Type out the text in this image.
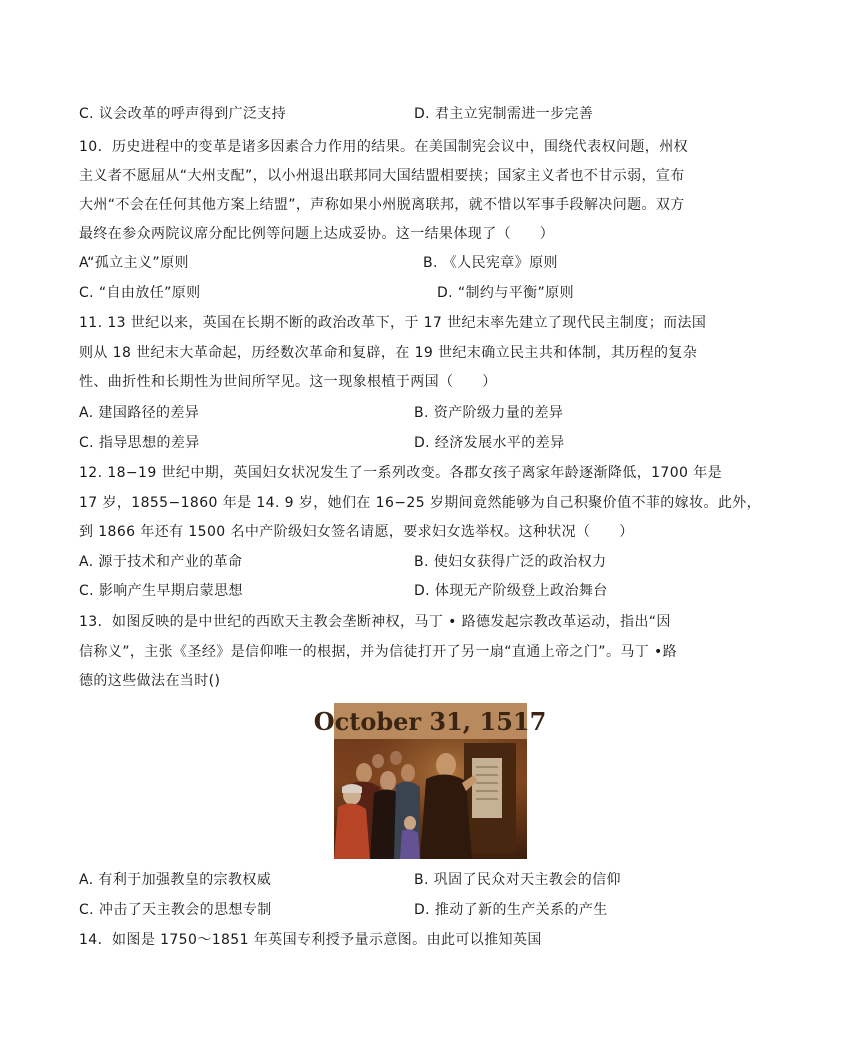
C. 议会改革的呼声得到广泛支持	D. 君主立宪制需进一步完善
10．历史进程中的变革是诸多因素合力作用的结果。在美国制宪会议中，围绕代表权问题，州权
主义者不愿屈从“大州支配”，以小州退出联邦同大国结盟相要挟；国家主义者也不甘示弱，宣布
大州“不会在任何其他方案上结盟”，声称如果小州脱离联邦，就不惜以军事手段解决问题。双方
最终在参众两院议席分配比例等问题上达成妥协。这一结果体现了（　　）
A“孤立主义”原则	B. 《人民宪章》原则
C. “自由放任”原则	D. “制约与平衡”原则
11. 13 世纪以来，英国在长期不断的政治改革下，于 17 世纪末率先建立了现代民主制度；而法国
则从 18 世纪末大革命起，历经数次革命和复辟，在 19 世纪末确立民主共和体制，其历程的复杂
性、曲折性和长期性为世间所罕见。这一现象根植于两国（　　）
A. 建国路径的差异	B. 资产阶级力量的差异
C. 指导思想的差异	D. 经济发展水平的差异
12. 18−19 世纪中期，英国妇女状况发生了一系列改变。各郡女孩子离家年龄逐渐降低，1700 年是
17 岁，1855−1860 年是 14. 9 岁，她们在 16−25 岁期间竟然能够为自己积聚价值不菲的嫁妆。此外，
到 1866 年还有 1500 名中产阶级妇女签名请愿，要求妇女选举权。这种状况（　　）
A. 源于技术和产业的革命	B. 使妇女获得广泛的政治权力
C. 影响产生早期启蒙思想	D. 体现无产阶级登上政治舞台
13．如图反映的是中世纪的西欧天主教会垄断神权，马丁 • 路德发起宗教改革运动，指出“因
信称义”，主张《圣经》是信仰唯一的根据，并为信徒打开了另一扇“直通上帝之门”。马丁 •路
德的这些做法在当时()
October 31, 1517
A. 有利于加强教皇的宗教权威	B. 巩固了民众对天主教会的信仰
C. 冲击了天主教会的思想专制	D. 推动了新的生产关系的产生
14．如图是 1750～1851 年英国专利授予量示意图。由此可以推知英国
